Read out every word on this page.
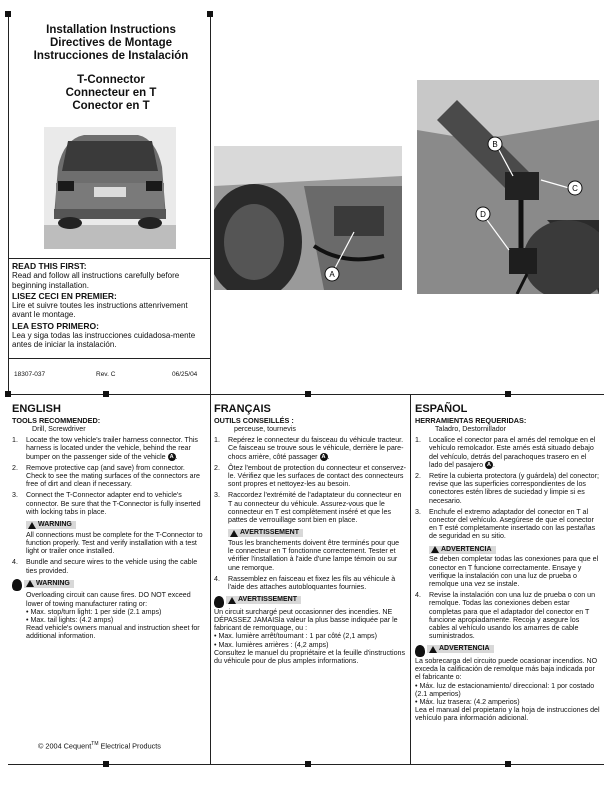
Installation Instructions
Directives de Montage
Instrucciones de Instalación
T-Connector
Connecteur en T
Conector en T

READ THIS FIRST:

Read and follow all instructions carefully before beginning installation.

LISEZ CECI EN PREMIER:

Lire et suivre toutes les instructions attenrivement avant le montage.

LEA ESTO PRIMERO:

Lea y siga todas las instrucciones cuidadosa-mente antes de iniciar la instalación.

18307-037	Rev. C	06/25/04
A
B
C
D
ENGLISH
TOOLS RECOMMENDED:
Drill, Screwdriver
1.	Locate the tow vehicle's trailer harness connector. This harness is located under the vehicle, behind the rear bumper on the passenger side of the vehicle A .
2.	Remove protective cap (and save) from connector. Check to see the mating surfaces of the connectors are free of dirt and clean if necessary.
3.	Connect the T-Connector adapter end to vehicle's connector. Be sure that the T-Connector is fully inserted with locking tabs in place.
WARNING
All connections must be complete for the T-Connector to function properly. Test and verify installation with a test light or trailer once installed.
4.	Bundle and secure wires to the vehicle using the cable ties provided.
WARNING
Overloading circuit can cause fires. DO NOT exceed lower of towing manufacturer rating or:
• Max. stop/turn light: 1 per side (2.1 amps)
• Max. tail lights: (4.2 amps)
Read vehicle's owners manual and instruction sheet for additional information.
FRANÇAIS
OUTILS CONSEILLÉS :
perceuse, tournevis
1.	Repérez le connecteur du faisceau du véhicule tracteur. Ce faisceau se trouve sous le véhicule, derrière le pare-chocs arrière, côté passager A .
2.	Ôtez l'embout de protection du connecteur et conservez-le. Vérifiez que les surfaces de contact des connecteurs sont propres et nettoyez-les au besoin.
3.	Raccordez l'extrémité de l'adaptateur du connecteur en T au connecteur du véhicule. Assurez-vous que le connecteur en T est complètement inséré et que les pattes de verrouillage sont bien en place.
AVERTISSEMENT
Tous les branchements doivent être terminés pour que le connecteur en T fonctionne correctement. Tester et vérifier l'installation à l'aide d'une lampe témoin ou sur une remorque.
4.	Rassemblez en faisceau et fixez les fils au véhicule à l'aide des attaches autobloquantes fournies.
AVERTISSEMENT
Un circuit surchargé peut occasionner des incendies. NE DÉPASSEZ JAMAISla valeur la plus basse indiquée par le fabricant de remorquage, ou :
• Max. lumière arrêt/tournant : 1 par côté (2,1 amps)
• Max. lumières arrières : (4,2 amps)
Consultez le manuel du propriétaire et la feuille d'instructions du véhicule pour de plus amples informations.
ESPAÑOL
HERRAMIENTAS REQUERIDAS:
Taladro, Destornillador
1.	Localice el conector para el arnés del remolque en el vehículo remolcador. Este arnés está situado debajo del vehículo, detrás del parachoques trasero en el lado del pasajero A .
2.	Retire la cubierta protectora (y guárdela) del conector; revise que las superficies correspondientes de los conectores estén libres de suciedad y limpie si es necesario.
3.	Enchufe el extremo adaptador del conector en T al conector del vehículo. Asegúrese de que el conector en T esté completamente insertado con las pestañas de seguridad en su sitio.
ADVERTENCIA
Se deben completar todas las conexiones para que el conector en T funcione correctamente. Ensaye y verifique la instalación con una luz de prueba o remolque una vez se instale.
4.	Revise la instalación con una luz de prueba o con un remolque. Todas las conexiones deben estar completas para que el adaptador del conector en T funcione apropiadamente. Recoja y asegure los cables al vehículo usando los amarres de cable suministrados.
ADVERTENCIA
La sobrecarga del circuito puede ocasionar incendios. NO exceda la calificación de remolque más baja indicada por el fabricante o:
• Máx. luz de estacionamiento/ direccional: 1 por costado (2.1 amperios)
• Máx. luz trasera: (4.2 amperios)
Lea el manual del propietario y la hoja de instrucciones del vehículo para información adicional.
© 2004 Cequent™ Electrical Products
